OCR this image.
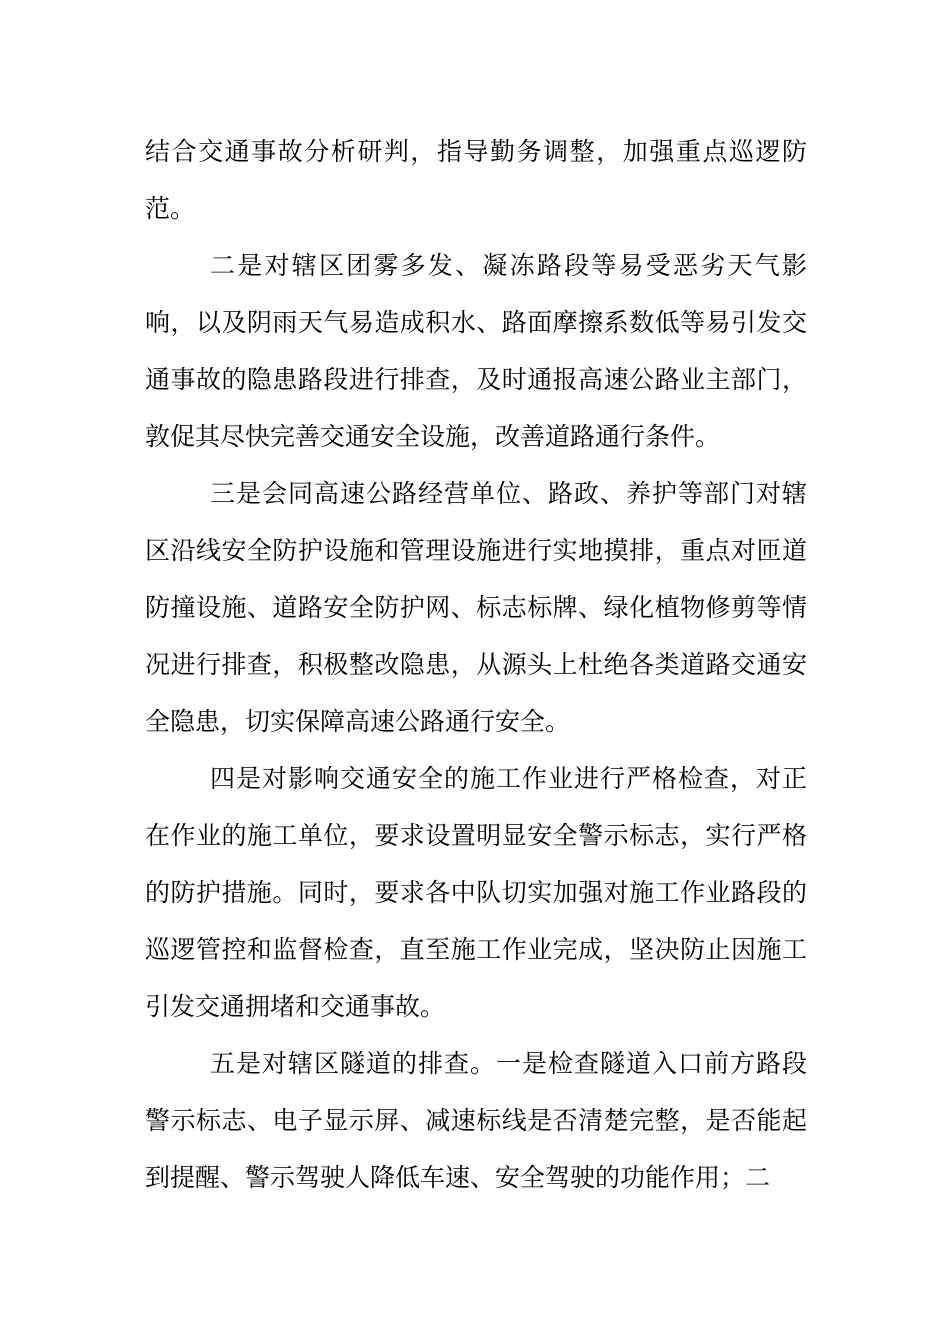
结合交通事故分析研判，指导勤务调整，加强重点巡逻防范。

二是对辖区团雾多发、凝冻路段等易受恶劣天气影响，以及阴雨天气易造成积水、路面摩擦系数低等易引发交通事故的隐患路段进行排查，及时通报高速公路业主部门，敦促其尽快完善交通安全设施，改善道路通行条件。

三是会同高速公路经营单位、路政、养护等部门对辖区沿线安全防护设施和管理设施进行实地摸排，重点对匝道防撞设施、道路安全防护网、标志标牌、绿化植物修剪等情况进行排查，积极整改隐患，从源头上杜绝各类道路交通安全隐患，切实保障高速公路通行安全。

四是对影响交通安全的施工作业进行严格检查，对正在作业的施工单位，要求设置明显安全警示标志，实行严格的防护措施。同时，要求各中队切实加强对施工作业路段的巡逻管控和监督检查，直至施工作业完成，坚决防止因施工引发交通拥堵和交通事故。

五是对辖区隧道的排查。一是检查隧道入口前方路段警示标志、电子显示屏、减速标线是否清楚完整，是否能起到提醒、警示驾驶人降低车速、安全驾驶的功能作用；二
